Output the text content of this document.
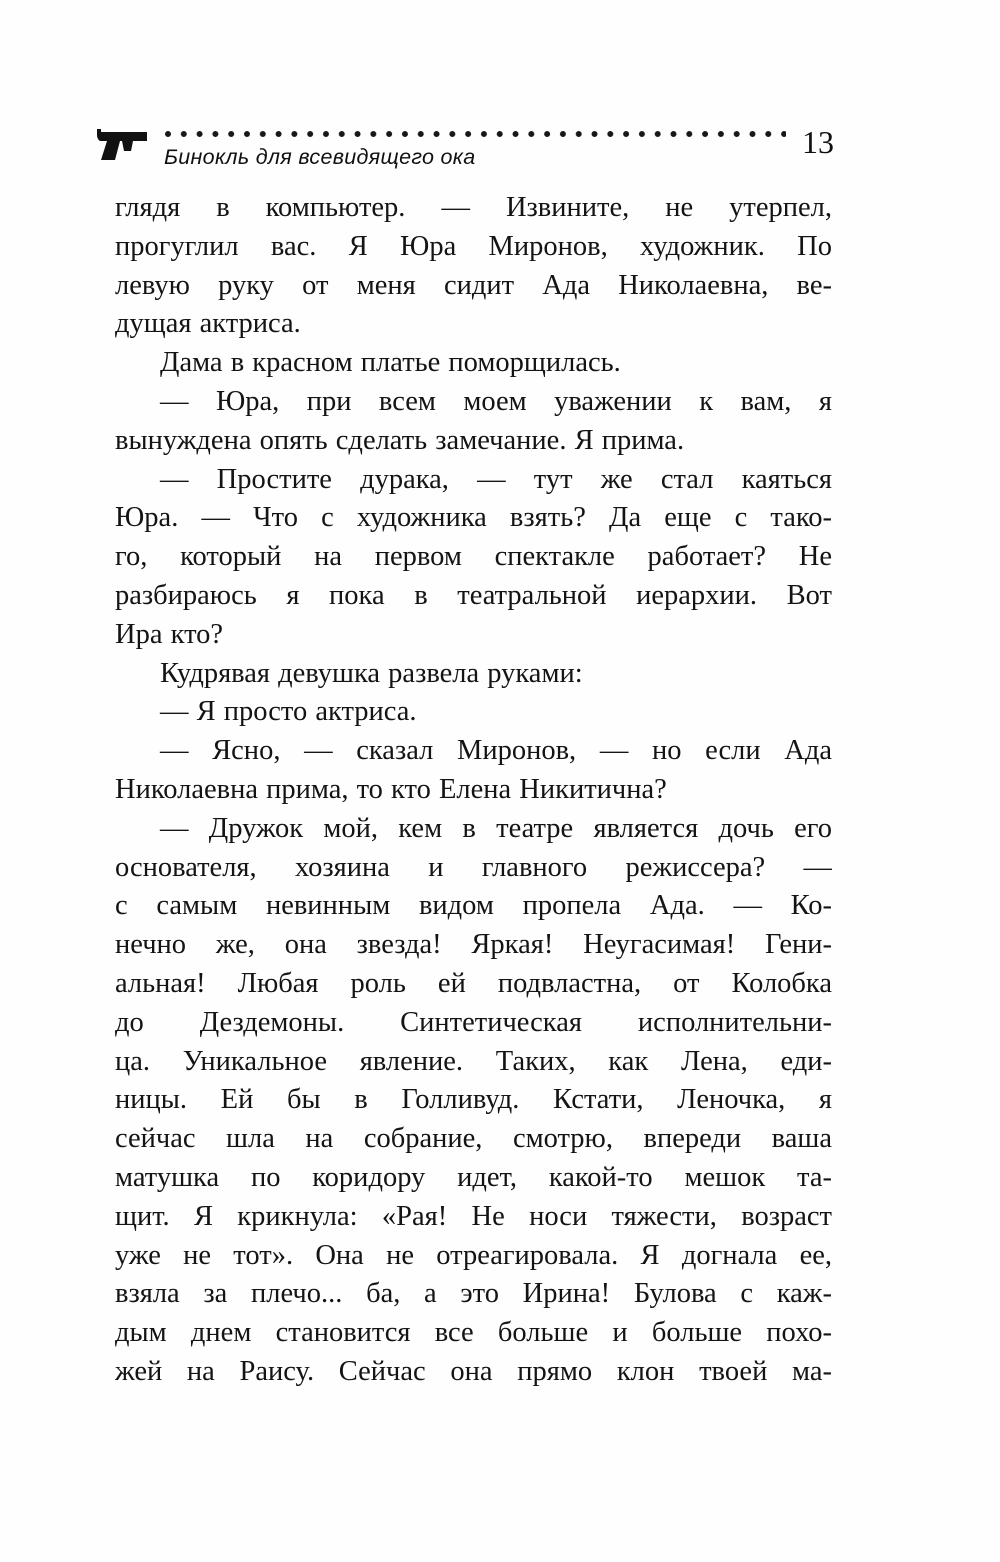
Бинокль для всевидящего ока	13
глядя в компьютер. — Извините, не утерпел,
прогуглил вас. Я Юра Миронов, художник. По
левую руку от меня сидит Ада Николаевна, ве-
дущая актриса.
Дама в красном платье поморщилась.
— Юра, при всем моем уважении к вам, я
вынуждена опять сделать замечание. Я прима.
— Простите дурака, — тут же стал каяться
Юра. — Что с художника взять? Да еще с тако-
го, который на первом спектакле работает? Не
разбираюсь я пока в театральной иерархии. Вот
Ира кто?
Кудрявая девушка развела руками:
— Я просто актриса.
— Ясно, — сказал Миронов, — но если Ада
Николаевна прима, то кто Елена Никитична?
— Дружок мой, кем в театре является дочь его
основателя, хозяина и главного режиссера? —
с самым невинным видом пропела Ада. — Ко-
нечно же, она звезда! Яркая! Неугасимая! Гени-
альная! Любая роль ей подвластна, от Колобка
до Дездемоны. Синтетическая исполнительни-
ца. Уникальное явление. Таких, как Лена, еди-
ницы. Ей бы в Голливуд. Кстати, Леночка, я
сейчас шла на собрание, смотрю, впереди ваша
матушка по коридору идет, какой-то мешок та-
щит. Я крикнула: «Рая! Не носи тяжести, возраст
уже не тот». Она не отреагировала. Я догнала ее,
взяла за плечо... ба, а это Ирина! Булова с каж-
дым днем становится все больше и больше похо-
жей на Раису. Сейчас она прямо клон твоей ма-
